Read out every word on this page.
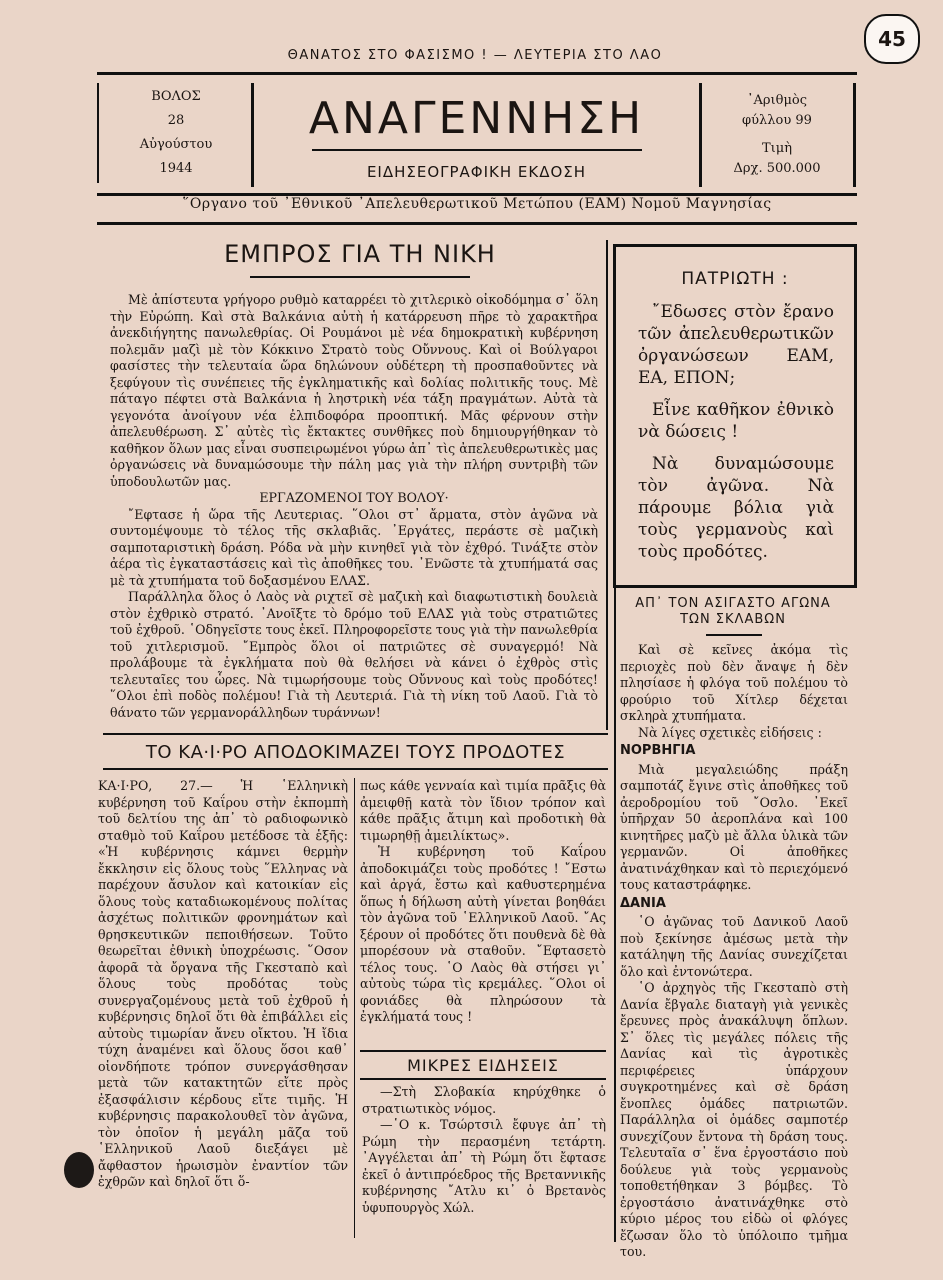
45
ΘΑΝΑΤΟΣ ΣΤΟ ΦΑΣΙΣΜΟ ! — ΛΕΥΤΕΡΙΑ ΣΤΟ ΛΑΟ
ΒΟΛΟΣ
28
Αὐγούστου
1944
ΑΝΑΓΕΝΝΗΣΗ
ΕΙΔΗΣΕΟΓΡΑΦΙΚΗ ΕΚΔΟΣΗ
᾿Αριθμὸς
φύλλου 99
Τιμὴ
Δρχ. 500.000
῞Οργανο τοῦ ᾿Εθνικοῦ ᾿Απελευθερωτικοῦ Μετώπου (ΕΑΜ) Νομοῦ Μαγνησίας
ΕΜΠΡΟΣ ΓΙΑ ΤΗ ΝΙΚΗ

Μὲ ἀπίστευτα γρήγορο ρυθμὸ καταρρέει τὸ χιτλερικὸ οἰκοδόμημα σ᾿ ὅλη τὴν Εὐρώπη. Καὶ στὰ Βαλκάνια αὐτὴ ἡ κατάρρευση πῆρε τὸ χαρακτῆρα ἀνεκδιήγητης πανωλεθρίας. Οἱ Ρουμάνοι μὲ νέα δημοκρατικὴ κυβέρνηση πολεμᾶν μαζὶ μὲ τὸν Κόκκινο Στρατὸ τοὺς Οὔννους. Καὶ οἱ Βούλγαροι φασίστες τὴν τελευταία ὥρα δηλώνουν οὐδέτερη τὴ προσπαθοῦντες νὰ ξεφύγουν τὶς συνέπειες τῆς ἐγκληματικῆς καὶ δολίας πολιτικῆς τους. Μὲ πάταγο πέφτει στὰ Βαλκάνια ἡ ληστρικὴ νέα τάξη πραγμάτων. Αὐτὰ τὰ γεγονότα ἀνοίγουν νέα ἐλπιδοφόρα προοπτική. Μᾶς φέρνουν στὴν ἀπελευθέρωση. Σ᾿ αὐτὲς τὶς ἔκτακτες συνθῆκες ποὺ δημιουργήθηκαν τὸ καθῆκον ὅλων μας εἶναι συσπειρωμένοι γύρω ἀπ᾿ τὶς ἀπελευθερωτικὲς μας ὀργανώσεις νὰ δυναμώσουμε τὴν πάλη μας γιὰ τὴν πλήρη συντριβὴ τῶν ὑποδουλωτῶν μας.

ΕΡΓΑΖΟΜΕΝΟΙ ΤΟΥ ΒΟΛΟΥ·

῎Εφτασε ἡ ὥρα τῆς Λευτεριας. ῞Ολοι στ᾿ ἄρματα, στὸν ἀγῶνα νὰ συντομέψουμε τὸ τέλος τῆς σκλαβιᾶς. ᾿Εργάτες, περάστε σὲ μαζικὴ σαμποταριστικὴ δράση. Ρόδα νὰ μὴν κινηθεῖ γιὰ τὸν ἐχθρό. Τινάξτε στὸν ἀέρα τὶς ἐγκαταστάσεις καὶ τὶς ἀποθῆκες του. ᾿Ενῶστε τὰ χτυπήματά σας μὲ τὰ χτυπήματα τοῦ δοξασμένου ΕΛΑΣ.

Παράλληλα ὅλος ὁ Λαὸς νὰ ριχτεῖ σὲ μαζικὴ καὶ διαφωτιστικὴ δουλειὰ στὸν ἐχθρικὸ στρατό. ᾿Ανοῖξτε τὸ δρόμο τοῦ ΕΛΑΣ γιὰ τοὺς στρατιῶτες τοῦ ἐχθροῦ. ῾Οδηγεῖστε τους ἐκεῖ. Πληροφορεῖστε τους γιὰ τὴν πανωλεθρία τοῦ χιτλερισμοῦ. ῎Εμπρὸς ὅλοι οἱ πατριῶτες σὲ συναγερμό! Νὰ προλάβουμε τὰ ἐγκλήματα ποὺ θὰ θελήσει νὰ κάνει ὁ ἐχθρὸς στὶς τελευταῖες του ὧρες. Νὰ τιμωρήσουμε τοὺς Οὔννους καὶ τοὺς προδότες! ῞Ολοι ἐπὶ ποδὸς πολέμου! Γιὰ τὴ Λευτεριά. Γιὰ τὴ νίκη τοῦ Λαοῦ. Γιὰ τὸ θάνατο τῶν γερμανοράλληδων τυράννων!

ΠΑΤΡΙΩΤΗ :

῎Εδωσες στὸν ἔρανο τῶν ἀπελευθερωτικῶν ὀργανώσεων ΕΑΜ, ΕΑ, ΕΠΟΝ;

Εἶνε καθῆκον ἐθνικὸ νὰ δώσεις !

Νὰ δυναμώσουμε τὸν ἀγῶνα. Νὰ πάρουμε βόλια γιὰ τοὺς γερμανοὺς καὶ τοὺς προδότες.

ΑΠ᾿ ΤΟΝ ΑΣΙΓΑΣΤΟ ΑΓΩΝΑ ΤΩΝ ΣΚΛΑΒΩΝ

Καὶ σὲ κεῖνες ἀκόμα τὶς περιοχὲς ποὺ δὲν ἄναψε ἡ δὲν πλησίασε ἡ φλόγα τοῦ πολέμου τὸ φρούριο τοῦ Χίτλερ δέχεται σκληρὰ χτυπήματα.

Νὰ λίγες σχετικὲς εἰδήσεις :

ΝΟΡΒΗΓΙΑ

Μιὰ μεγαλειώδης πράξη σαμποτάζ ἔγινε στὶς ἀποθῆκες τοῦ ἀεροδρομίου τοῦ ῎Οσλο. ᾿Εκεῖ ὑπῆρχαν 50 ἀεροπλάνα καὶ 100 κινητῆρες μαζὺ μὲ ἄλλα ὑλικὰ τῶν γερμανῶν. Οἱ ἀποθῆκες ἀνατινάχθηκαν καὶ τὸ περιεχόμενό τους καταστράφηκε.

ΔΑΝΙΑ

῾Ο ἀγῶνας τοῦ Δανικοῦ Λαοῦ ποὺ ξεκίνησε ἀμέσως μετὰ τὴν κατάληψη τῆς Δανίας συνεχίζεται ὅλο καὶ ἐντονώτερα.

῾Ο ἀρχηγὸς τῆς Γκεσταπὸ στὴ Δανία ἔβγαλε διαταγὴ γιὰ γενικὲς ἔρευνες πρὸς ἀνακάλυψη ὅπλων. Σ᾿ ὅλες τὶς μεγάλες πόλεις τῆς Δανίας καὶ τὶς ἀγροτικὲς περιφέρειες ὑπάρχουν συγκροτημένες καὶ σὲ δράση ἔνοπλες ὁμάδες πατριωτῶν. Παράλληλα οἱ ὁμάδες σαμποτέρ συνεχίζουν ἔντονα τὴ δράση τους. Τελευταῖα σ᾿ ἕνα ἐργοστάσιο ποὺ δούλευε γιὰ τοὺς γερμανοὺς τοποθετήθηκαν 3 βόμβες. Τὸ ἐργοστάσιο ἀνατινάχθηκε στὸ κύριο μέρος του εἰδὼ οἱ φλόγες ἔζωσαν ὅλο τὸ ὑπόλοιπο τμῆμα του.

ΤΟ ΚΑ·Ι·ΡΟ ΑΠΟΔΟΚΙΜΑΖΕΙ ΤΟΥΣ ΠΡΟΔΟΤΕΣ

ΚΑ·Ι·ΡΟ, 27.— Ἡ ῾Ελληνικὴ κυβέρνηση τοῦ Καΐρου στὴν ἐκπομπὴ τοῦ δελτίου της ἀπ᾿ τὸ ραδιοφωνικὸ σταθμὸ τοῦ Καΐρου μετέδοσε τὰ ἑξῆς: «Ἡ κυβέρνησις κάμνει θερμὴν ἔκκλησιν εἰς ὅλους τοὺς ῞Ελληνας νὰ παρέχουν ἄσυλον καὶ κατοικίαν εἰς ὅλους τοὺς καταδιωκομένους πολίτας ἀσχέτως πολιτικῶν φρονημάτων καὶ θρησκευτικῶν πεποιθήσεων. Τοῦτο θεωρεῖται ἐθνικὴ ὑποχρέωσις. ῞Οσον ἀφορᾶ τὰ ὄργανα τῆς Γκεσταπὸ καὶ ὅλους τοὺς προδότας τοὺς συνεργαζομένους μετὰ τοῦ ἐχθροῦ ἡ κυβέρνησις δηλοῖ ὅτι θὰ ἐπιβάλλει εἰς αὐτοὺς τιμωρίαν ἄνευ οἴκτου. Ἡ ἴδια τύχη ἀναμένει καὶ ὅλους ὅσοι καθ᾿ οἱονδήποτε τρόπον συνεργάσθησαν μετὰ τῶν κατακτητῶν εἴτε πρὸς ἐξασφάλισιν κέρδους εἴτε τιμῆς. Ἡ κυβέρνησις παρακολουθεῖ τὸν ἀγῶνα, τὸν ὁποῖον ἡ μεγάλη μᾶζα τοῦ ῾Ελληνικοῦ Λαοῦ διεξάγει μὲ ἄφθαστον ἡρωισμὸν ἐναντίον τῶν ἐχθρῶν καὶ δηλοῖ ὅτι ὅ-

πως κάθε γενναία καὶ τιμία πρᾶξις θὰ ἀμειφθῇ κατὰ τὸν ἴδιον τρόπον καὶ κάθε πρᾶξις ἄτιμη καὶ προδοτικὴ θὰ τιμωρηθῇ ἀμειλίκτως».

Ἡ κυβέρνηση τοῦ Καΐρου ἀποδοκιμάζει τοὺς προδότες ! ῎Εστω καὶ ἀργά, ἔστω καὶ καθυστερημένα ὅπως ἡ δήλωση αὐτὴ γίνεται βοηθάει τὸν ἀγῶνα τοῦ ῾Ελληνικοῦ Λαοῦ. ῎Ας ξέρουν οἱ προδότες ὅτι πουθενὰ δὲ θὰ μπορέσουν νὰ σταθοῦν. ῎Εφτασετὸ τέλος τους. ῾Ο Λαὸς θὰ στήσει γι᾿ αὐτοὺς τώρα τὶς κρεμάλες. ῞Ολοι οἱ φονιάδες θὰ πληρώσουν τὰ ἐγκλήματά τους !

ΜΙΚΡΕΣ ΕΙΔΗΣΕΙΣ

—Στὴ Σλοβακία κηρύχθηκε ὁ στρατιωτικὸς νόμος.

—῾Ο κ. Τσώρτσιλ ἔφυγε ἀπ᾿ τὴ Ρώμη τὴν περασμένη τετάρτη. ᾿Αγγέλεται ἀπ᾿ τὴ Ρώμη ὅτι ἔφτασε ἐκεῖ ὁ ἀντιπρόεδρος τῆς Βρεταννικῆς κυβέρνησης ῎Ατλυ κι᾿ ὁ Βρετανὸς ὑφυπουργὸς Χώλ.
